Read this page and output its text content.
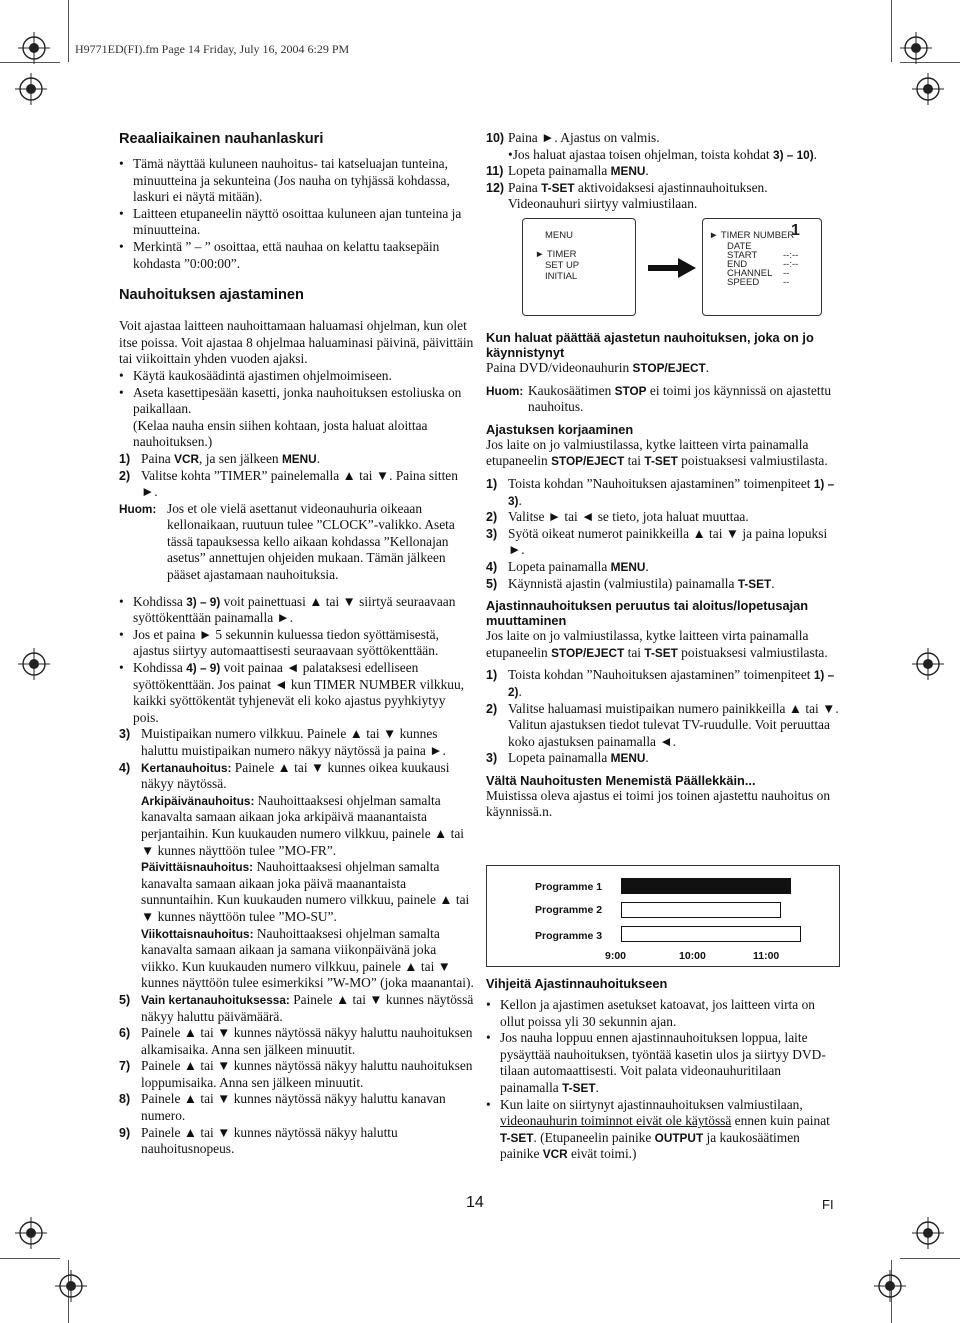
H9771ED(FI).fm Page 14 Friday, July 16, 2004 6:29 PM
Reaaliaikainen nauhanlaskuri

• Tämä näyttää kuluneen nauhoitus- tai katseluajan tunteina, minuutteina ja sekunteina (Jos nauha on tyhjässä kohdassa, laskuri ei näytä mitään).

• Laitteen etupaneelin näyttö osoittaa kuluneen ajan tunteina ja minuutteina.

• Merkintä ” – ” osoittaa, että nauhaa on kelattu taaksepäin kohdasta ”0:00:00”.

Nauhoituksen ajastaminen

Voit ajastaa laitteen nauhoittamaan haluamasi ohjelman, kun olet itse poissa. Voit ajastaa 8 ohjelmaa haluaminasi päivinä, päivittäin tai viikoittain yhden vuoden ajaksi.

• Käytä kaukosäädintä ajastimen ohjelmoimiseen.

• Aseta kasettipesään kasetti, jonka nauhoituksen estoliuska on paikallaan.

(Kelaa nauha ensin siihen kohtaan, josta haluat aloittaa nauhoituksen.)

1) Paina VCR, ja sen jälkeen MENU.

2) Valitse kohta ”TIMER” painelemalla ▲ tai ▼. Paina sitten ►.

Huom: Jos et ole vielä asettanut videonauhuria oikeaan kellonaikaan, ruutuun tulee ”CLOCK”-valikko. Aseta tässä tapauksessa kello aikaan kohdassa ”Kellonajan asetus” annettujen ohjeiden mukaan. Tämän jälkeen pääset ajastamaan nauhoituksia.

• Kohdissa 3) – 9) voit painettuasi ▲ tai ▼ siirtyä seuraavaan syöttökenttään painamalla ►.

• Jos et paina ► 5 sekunnin kuluessa tiedon syöttämisestä, ajastus siirtyy automaattisesti seuraavaan syöttökenttään.

• Kohdissa 4) – 9) voit painaa ◄ palataksesi edelliseen syöttökenttään. Jos painat ◄ kun TIMER NUMBER vilkkuu, kaikki syöttökentät tyhjenevät eli koko ajastus pyyhkiytyy pois.

3) Muistipaikan numero vilkkuu. Painele ▲ tai ▼ kunnes haluttu muistipaikan numero näkyy näytössä ja paina ►.

4) Kertanauhoitus: Painele ▲ tai ▼ kunnes oikea kuukausi näkyy näytössä.

Arkipäivänauhoitus: Nauhoittaaksesi ohjelman samalta kanavalta samaan aikaan joka arkipäivä maanantaista perjantaihin. Kun kuukauden numero vilkkuu, painele ▲ tai ▼ kunnes näyttöön tulee ”MO-FR”.

Päivittäisnauhoitus: Nauhoittaaksesi ohjelman samalta kanavalta samaan aikaan joka päivä maanantaista sunnuntaihin. Kun kuukauden numero vilkkuu, painele ▲ tai ▼ kunnes näyttöön tulee ”MO-SU”.

Viikottaisnauhoitus: Nauhoittaaksesi ohjelman samalta kanavalta samaan aikaan ja samana viikonpäivänä joka viikko. Kun kuukauden numero vilkkuu, painele ▲ tai ▼ kunnes näyttöön tulee esimerkiksi ”W-MO” (joka maanantai).

5) Vain kertanauhoituksessa: Painele ▲ tai ▼ kunnes näytössä näkyy haluttu päivämäärä.

6) Painele ▲ tai ▼ kunnes näytössä näkyy haluttu nauhoituksen alkamisaika. Anna sen jälkeen minuutit.

7) Painele ▲ tai ▼ kunnes näytössä näkyy haluttu nauhoituksen loppumisaika. Anna sen jälkeen minuutit.

8) Painele ▲ tai ▼ kunnes näytössä näkyy haluttu kanavan numero.

9) Painele ▲ tai ▼ kunnes näytössä näkyy haluttu nauhoitusnopeus.

10) Paina ►. Ajastus on valmis.

•Jos haluat ajastaa toisen ohjelman, toista kohdat 3) – 10).

11) Lopeta painamalla MENU.

12) Paina T-SET aktivoidaksesi ajastinnauhoituksen. Videonauhuri siirtyy valmiustilaan.

MENU
► TIMER
SET UP
INITIAL
► TIMER NUMBER
1
DATE
START	--:--
END	--:--
CHANNEL --
SPEED	--
Kun haluat päättää ajastetun nauhoituksen, joka on jo käynnistynyt

Paina DVD/videonauhurin STOP/EJECT.

Huom: Kaukosäätimen STOP ei toimi jos käynnissä on ajastettu nauhoitus.

Ajastuksen korjaaminen

Jos laite on jo valmiustilassa, kytke laitteen virta painamalla etupaneelin STOP/EJECT tai T-SET poistuaksesi valmiustilasta.

1) Toista kohdan ”Nauhoituksen ajastaminen” toimenpiteet 1) – 3).

2) Valitse ► tai ◄ se tieto, jota haluat muuttaa.

3) Syötä oikeat numerot painikkeilla ▲ tai ▼ ja paina lopuksi ►.

4) Lopeta painamalla MENU.

5) Käynnistä ajastin (valmiustila) painamalla T-SET.

Ajastinnauhoituksen peruutus tai aloitus/lopetusajan muuttaminen

Jos laite on jo valmiustilassa, kytke laitteen virta painamalla etupaneelin STOP/EJECT tai T-SET poistuaksesi valmiustilasta.

1) Toista kohdan ”Nauhoituksen ajastaminen” toimenpiteet 1) – 2).

2) Valitse haluamasi muistipaikan numero painikkeilla ▲ tai ▼. Valitun ajastuksen tiedot tulevat TV-ruudulle. Voit peruuttaa koko ajastuksen painamalla ◄.

3) Lopeta painamalla MENU.

Vältä Nauhoitusten Menemistä Päällekkäin...

Muistissa oleva ajastus ei toimi jos toinen ajastettu nauhoitus on käynnissä.n.

Programme 1
Programme 2
Programme 3
9:00	10:00	11:00
Vihjeitä Ajastinnauhoitukseen

• Kellon ja ajastimen asetukset katoavat, jos laitteen virta on ollut poissa yli 30 sekunnin ajan.

• Jos nauha loppuu ennen ajastinnauhoituksen loppua, laite pysäyttää nauhoituksen, työntää kasetin ulos ja siirtyy DVD-tilaan automaattisesti. Voit palata videonauhuritilaan painamalla T-SET.

• Kun laite on siirtynyt ajastinnauhoituksen valmiustilaan, videonauhurin toiminnot eivät ole käytössä ennen kuin painat T-SET. (Etupaneelin painike OUTPUT ja kaukosäätimen painike VCR eivät toimi.)

14	FI
